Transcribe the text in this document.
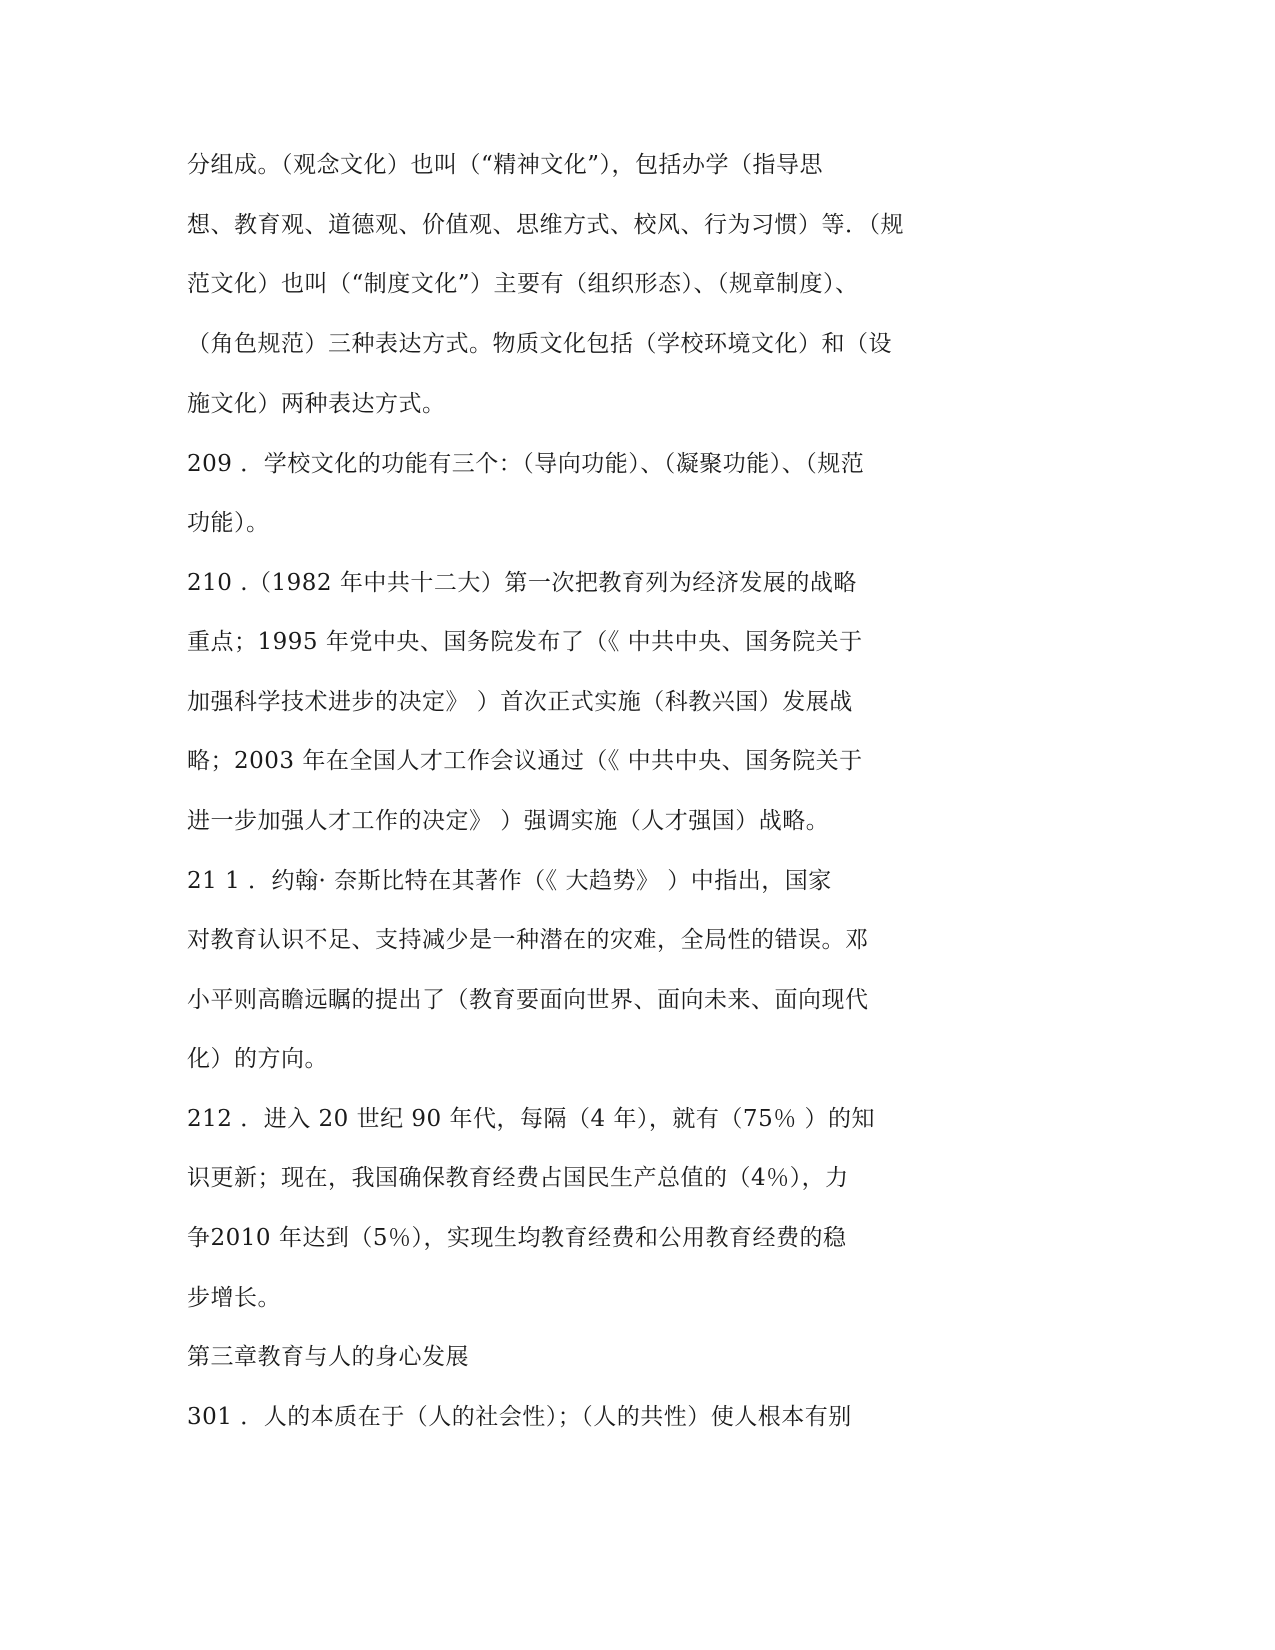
分组成。（观念文化）也叫（“精神文化”），包括办学（指导思
想、教育观、道德观、价值观、思维方式、校风、行为习惯）等．（规
范文化）也叫（“制度文化”）主要有（组织形态）、（规章制度）、
（角色规范）三种表达方式。物质文化包括（学校环境文化）和（设
施文化）两种表达方式。
209 ．学校文化的功能有三个：（导向功能）、（凝聚功能）、（规范
功能）。
210 .（1982 年中共十二大）第一次把教育列为经济发展的战略
重点；1995 年党中央、国务院发布了（《 中共中央、国务院关于
加强科学技术进步的决定》 ）首次正式实施（科教兴国）发展战
略；2003 年在全国人才工作会议通过（《 中共中央、国务院关于
进一步加强人才工作的决定》 ）强调实施（人才强国）战略。
21 1 ．约翰· 奈斯比特在其著作（《 大趋势》 ）中指出，国家
对教育认识不足、支持减少是一种潜在的灾难，全局性的错误。邓
小平则高瞻远瞩的提出了（教育要面向世界、面向未来、面向现代
化）的方向。
212 ．进入 20 世纪 90 年代，每隔（4 年），就有（75％ ）的知
识更新；现在，我国确保教育经费占国民生产总值的（4％），力
争2010 年达到（5％），实现生均教育经费和公用教育经费的稳
步增长。
第三章教育与人的身心发展
301 ．人的本质在于（人的社会性）；（人的共性）使人根本有别
